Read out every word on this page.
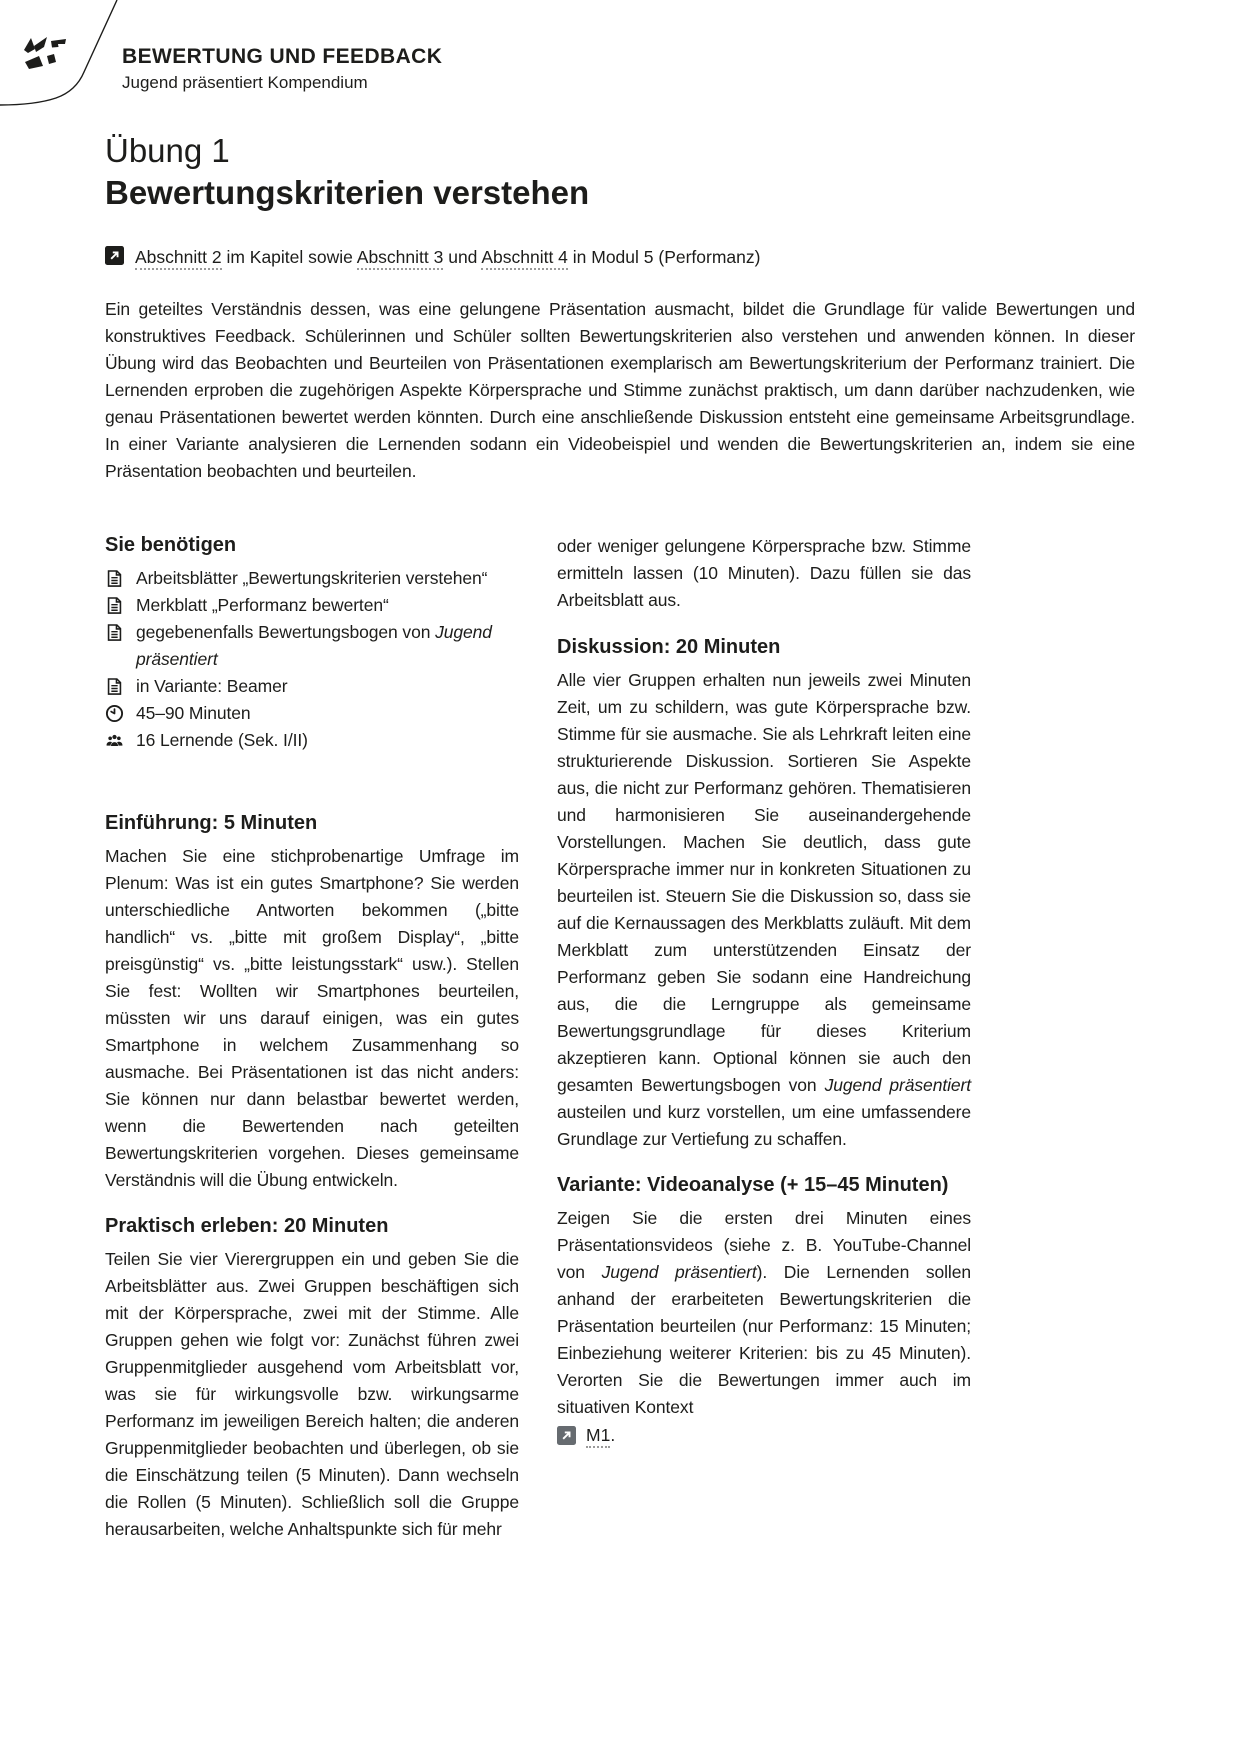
BEWERTUNG UND FEEDBACK
Jugend präsentiert Kompendium
Übung 1
Bewertungskriterien verstehen
Abschnitt 2 im Kapitel sowie Abschnitt 3 und Abschnitt 4 in Modul 5 (Performanz)

Ein geteiltes Verständnis dessen, was eine gelungene Präsentation ausmacht, bildet die Grundlage für valide Bewertungen und konstruktives Feedback. Schülerinnen und Schüler sollten Bewertungskriterien also verstehen und anwenden können. In dieser Übung wird das Beobachten und Beurteilen von Präsentationen exemplarisch am Bewertungskriterium der Performanz trainiert. Die Lernenden erproben die zugehörigen Aspekte Körpersprache und Stimme zunächst praktisch, um dann darüber nachzudenken, wie genau Präsentationen bewertet werden könnten. Durch eine anschließende Diskussion entsteht eine gemeinsame Arbeitsgrundlage. In einer Variante analysieren die Lernenden sodann ein Videobeispiel und wenden die Bewertungskriterien an, indem sie eine Präsentation beobachten und beurteilen.

Sie benötigen
Arbeitsblätter „Bewertungskriterien verstehen“
Merkblatt „Performanz bewerten“
gegebenenfalls Bewertungsbogen von Jugend präsentiert
in Variante: Beamer
45–90 Minuten
16 Lernende (Sek. I/II)
Einführung: 5 Minuten

Machen Sie eine stichprobenartige Umfrage im Plenum: Was ist ein gutes Smartphone? Sie werden unterschiedliche Antworten bekommen („bitte handlich“ vs. „bitte mit großem Display“, „bitte preisgünstig“ vs. „bitte leistungsstark“ usw.). Stellen Sie fest: Wollten wir Smartphones beurteilen, müssten wir uns darauf einigen, was ein gutes Smartphone in welchem Zusammenhang so ausmache. Bei Präsentationen ist das nicht anders: Sie können nur dann belastbar bewertet werden, wenn die Bewertenden nach geteilten Bewertungskriterien vorgehen. Dieses gemeinsame Verständnis will die Übung entwickeln.

Praktisch erleben: 20 Minuten

Teilen Sie vier Vierergruppen ein und geben Sie die Arbeitsblätter aus. Zwei Gruppen beschäftigen sich mit der Körpersprache, zwei mit der Stimme. Alle Gruppen gehen wie folgt vor: Zunächst führen zwei Gruppenmitglieder ausgehend vom Arbeitsblatt vor, was sie für wirkungsvolle bzw. wirkungsarme Performanz im jeweiligen Bereich halten; die anderen Gruppenmitglieder beobachten und überlegen, ob sie die Einschätzung teilen (5 Minuten). Dann wechseln die Rollen (5 Minuten). Schließlich soll die Gruppe herausarbeiten, welche Anhaltspunkte sich für mehr

oder weniger gelungene Körpersprache bzw. Stimme ermitteln lassen (10 Minuten). Dazu füllen sie das Arbeitsblatt aus.

Diskussion: 20 Minuten

Alle vier Gruppen erhalten nun jeweils zwei Minuten Zeit, um zu schildern, was gute Körpersprache bzw. Stimme für sie ausmache. Sie als Lehrkraft leiten eine strukturierende Diskussion. Sortieren Sie Aspekte aus, die nicht zur Performanz gehören. Thematisieren und harmonisieren Sie auseinandergehende Vorstellungen. Machen Sie deutlich, dass gute Körpersprache immer nur in konkreten Situationen zu beurteilen ist. Steuern Sie die Diskussion so, dass sie auf die Kernaussagen des Merkblatts zuläuft. Mit dem Merkblatt zum unterstützenden Einsatz der Performanz geben Sie sodann eine Handreichung aus, die die Lerngruppe als gemeinsame Bewertungsgrundlage für dieses Kriterium akzeptieren kann. Optional können sie auch den gesamten Bewertungsbogen von Jugend präsentiert austeilen und kurz vorstellen, um eine umfassendere Grundlage zur Vertiefung zu schaffen.

Variante: Videoanalyse (+ 15–45 Minuten)

Zeigen Sie die ersten drei Minuten eines Präsentationsvideos (siehe z. B. YouTube-Channel von Jugend präsentiert). Die Lernenden sollen anhand der erarbeiteten Bewertungskriterien die Präsentation beurteilen (nur Performanz: 15 Minuten; Einbeziehung weiterer Kriterien: bis zu 45 Minuten). Verorten Sie die Bewertungen immer auch im situativen Kontext

M1.
